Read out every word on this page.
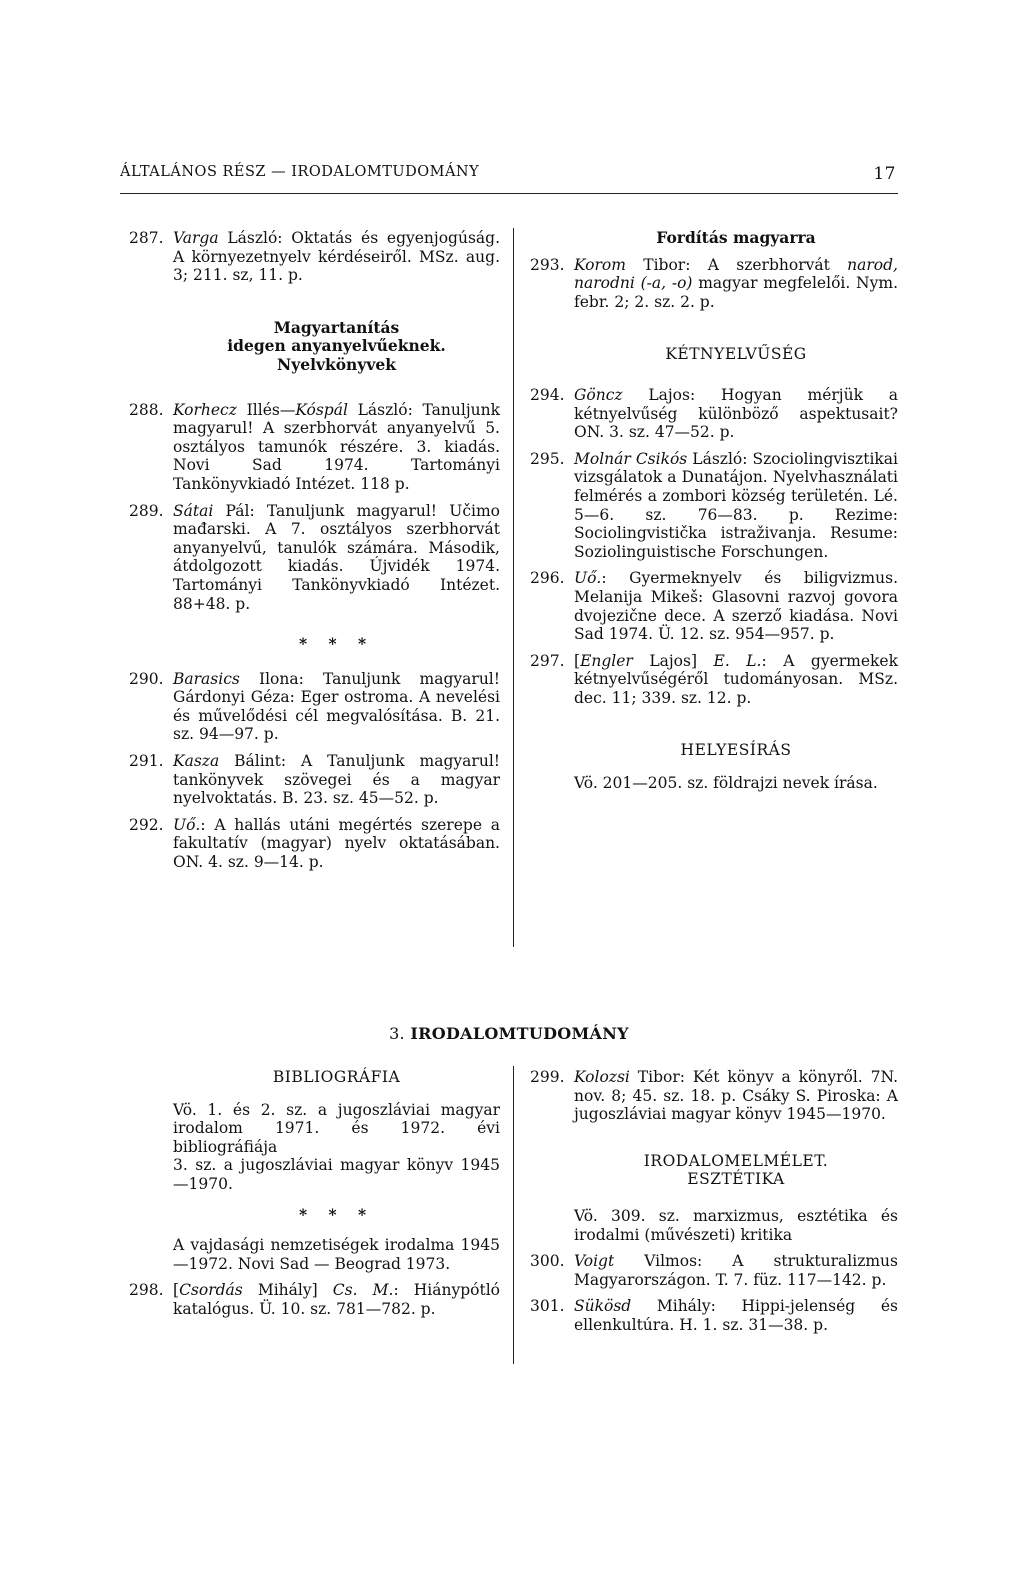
ÁLTALÁNOS RÉSZ — IRODALOMTUDOMÁNY	17
287. Varga László: Oktatás és egyenjogúság. A környezetnyelv kérdéseiről. MSz. aug. 3; 211. sz, 11. p.

Magyartanítás

idegen anyanyelvűeknek.

Nyelvkönyvek

288. Korhecz Illés—Kóspál László: Tanuljunk magyarul! A szerbhorvát anyanyelvű 5. osztályos tamunók részére. 3. kiadás. Novi Sad 1974. Tartományi Tankönyvkiadó Intézet. 118 p.
289. Sátai Pál: Tanuljunk magyarul! Učimo mađarski. A 7. osztályos szerbhorvát anyanyelvű, tanulók számára. Második, átdolgozott kiadás. Újvidék 1974. Tartományi Tankönyvkiadó Intézet. 88+48. p.

* * *

290. Barasics Ilona: Tanuljunk magyarul! Gárdonyi Géza: Eger ostroma. A nevelési és művelődési cél megvalósítása. B. 21. sz. 94—97. p.
291. Kasza Bálint: A Tanuljunk magyarul! tankönyvek szövegei és a magyar nyelvoktatás. B. 23. sz. 45—52. p.
292. Uő.: A hallás utáni megértés szerepe a fakultatív (magyar) nyelv oktatásában. ON. 4. sz. 9—14. p.

Fordítás magyarra

293. Korom Tibor: A szerbhorvát narod, narodni (-a, -o) magyar megfelelői. Nym. febr. 2; 2. sz. 2. p.

KÉTNYELVŰSÉG

294. Göncz Lajos: Hogyan mérjük a kétnyelvűség különböző aspektusait? ON. 3. sz. 47—52. p.
295. Molnár Csikós László: Szociolingvisztikai vizsgálatok a Dunatájon. Nyelvhasználati felmérés a zombori község területén. Lé. 5—6. sz. 76—83. p. Rezime: Sociolingvistička istraživanja. Resume: Soziolinguistische Forschungen.
296. Uő.: Gyermeknyelv és biligvizmus. Melanija Mikeš: Glasovni razvoj govora dvojezične dece. A szerző kiadása. Novi Sad 1974. Ü. 12. sz. 954—957. p.
297. [Engler Lajos] E. L.: A gyermekek kétnyelvűségéről tudományosan. MSz. dec. 11; 339. sz. 12. p.

HELYESÍRÁS

Vö. 201—205. sz. földrajzi nevek írása.

3. IRODALOMTUDOMÁNY

BIBLIOGRÁFIA

Vö. 1. és 2. sz. a jugoszláviai magyar irodalom 1971. és 1972. évi bibliográfiája

3. sz. a jugoszláviai magyar könyv 1945—1970.

* * *

A vajdasági nemzetiségek irodalma 1945—1972. Novi Sad — Beograd 1973.

298. [Csordás Mihály] Cs. M.: Hiánypótló katalógus. Ü. 10. sz. 781—782. p.
299. Kolozsi Tibor: Két könyv a könyről. 7N. nov. 8; 45. sz. 18. p. Csáky S. Piroska: A jugoszláviai magyar könyv 1945—1970.

IRODALOMELMÉLET.

ESZTÉTIKA

Vö. 309. sz. marxizmus, esztétika és irodalmi (művészeti) kritika

300. Voigt Vilmos: A strukturalizmus Magyarországon. T. 7. füz. 117—142. p.
301. Sükösd Mihály: Hippi-jelenség és ellenkultúra. H. 1. sz. 31—38. p.
